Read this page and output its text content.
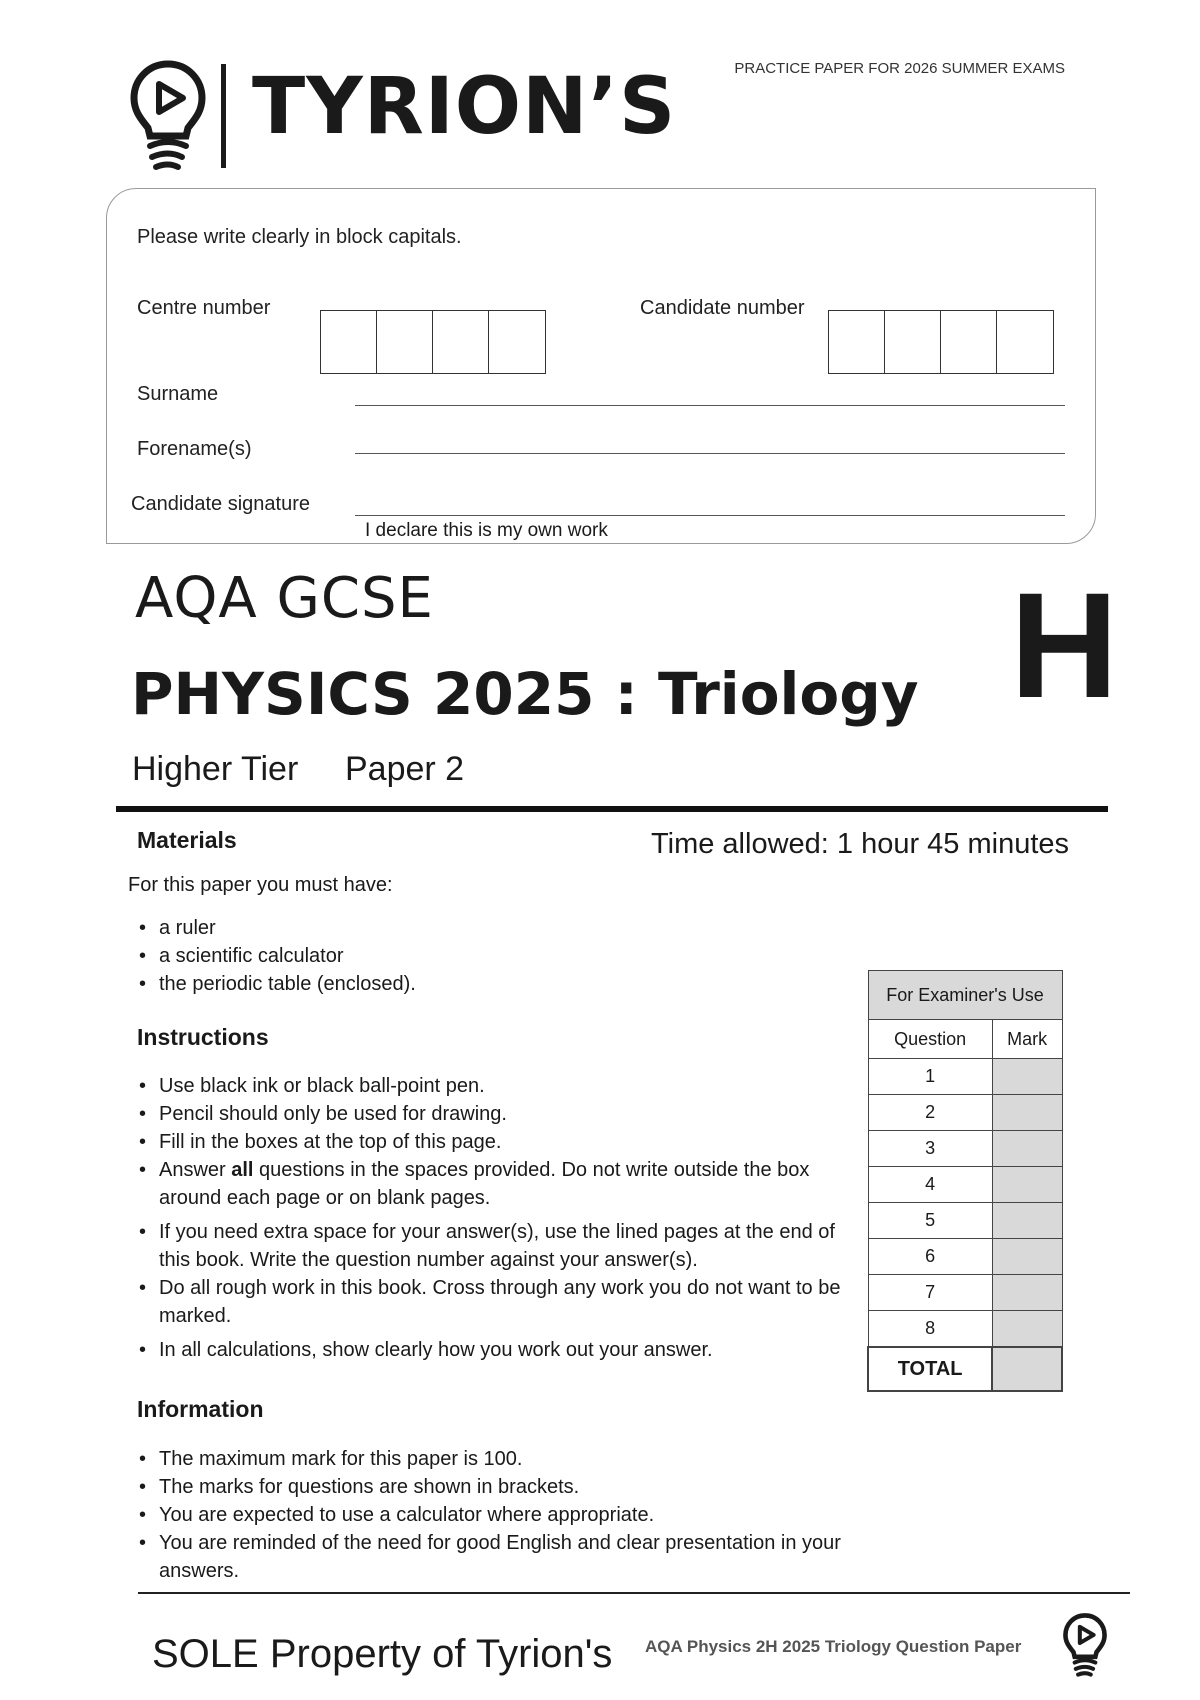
TYRION’S	PRACTICE PAPER FOR 2026 SUMMER EXAMS
Please write clearly in block capitals.
Centre number	Candidate number
Surname
Forename(s)
Candidate signature
I declare this is my own work
AQA GCSE
PHYSICS 2025 : Triology
Higher Tier Paper 2
H
Materials	Time allowed: 1 hour 45 minutes
For this paper you must have:
• a ruler
• a scientific calculator
• the periodic table (enclosed).
Instructions
• Use black ink or black ball-point pen.
• Pencil should only be used for drawing.
• Fill in the boxes at the top of this page.
• Answer all questions in the spaces provided. Do not write outside the box around each page or on blank pages.
• If you need extra space for your answer(s), use the lined pages at the end of this book. Write the question number against your answer(s).
• Do all rough work in this book. Cross through any work you do not want to be marked.
• In all calculations, show clearly how you work out your answer.
Information
• The maximum mark for this paper is 100.
• The marks for questions are shown in brackets.
• You are expected to use a calculator where appropriate.
• You are reminded of the need for good English and clear presentation in your answers.
For Examiner's Use	
Question	Mark
1	
2	
3	
4	
5	
6	
7	
8	
TOTAL	
SOLE Property of Tyrion's AQA Physics 2H 2025 Triology Question Paper
